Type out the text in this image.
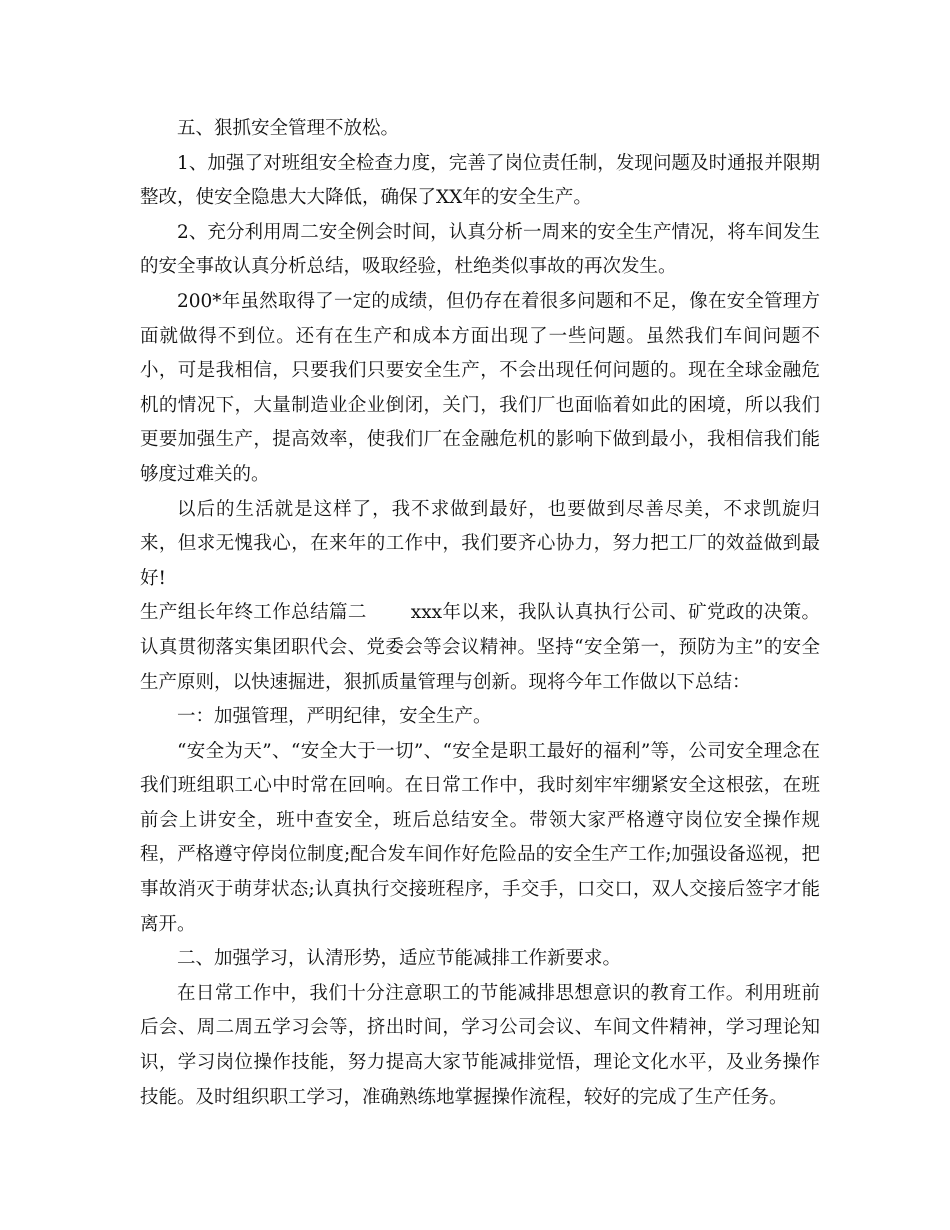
五、狠抓安全管理不放松。

1、加强了对班组安全检查力度，完善了岗位责任制，发现问题及时通报并限期整改，使安全隐患大大降低，确保了XX年的安全生产。

2、充分利用周二安全例会时间，认真分析一周来的安全生产情况，将车间发生的安全事故认真分析总结，吸取经验，杜绝类似事故的再次发生。

200*年虽然取得了一定的成绩，但仍存在着很多问题和不足，像在安全管理方面就做得不到位。还有在生产和成本方面出现了一些问题。虽然我们车间问题不小，可是我相信，只要我们只要安全生产，不会出现任何问题的。现在全球金融危机的情况下，大量制造业企业倒闭，关门，我们厂也面临着如此的困境，所以我们更要加强生产，提高效率，使我们厂在金融危机的影响下做到最小，我相信我们能够度过难关的。

以后的生活就是这样了，我不求做到最好，也要做到尽善尽美，不求凯旋归来，但求无愧我心，在来年的工作中，我们要齐心协力，努力把工厂的效益做到最好!

生产组长年终工作总结篇二 xxx年以来，我队认真执行公司、矿党政的决策。认真贯彻落实集团职代会、党委会等会议精神。坚持“安全第一，预防为主”的安全生产原则，以快速掘进，狠抓质量管理与创新。现将今年工作做以下总结：

一：加强管理，严明纪律，安全生产。

“安全为天”、“安全大于一切”、“安全是职工最好的福利”等，公司安全理念在我们班组职工心中时常在回响。在日常工作中，我时刻牢牢绷紧安全这根弦，在班前会上讲安全，班中查安全，班后总结安全。带领大家严格遵守岗位安全操作规程，严格遵守停岗位制度;配合发车间作好危险品的安全生产工作;加强设备巡视，把事故消灭于萌芽状态;认真执行交接班程序，手交手，口交口，双人交接后签字才能离开。

二、加强学习，认清形势，适应节能减排工作新要求。

在日常工作中，我们十分注意职工的节能减排思想意识的教育工作。利用班前后会、周二周五学习会等，挤出时间，学习公司会议、车间文件精神，学习理论知识，学习岗位操作技能，努力提高大家节能减排觉悟，理论文化水平，及业务操作技能。及时组织职工学习，准确熟练地掌握操作流程，较好的完成了生产任务。
